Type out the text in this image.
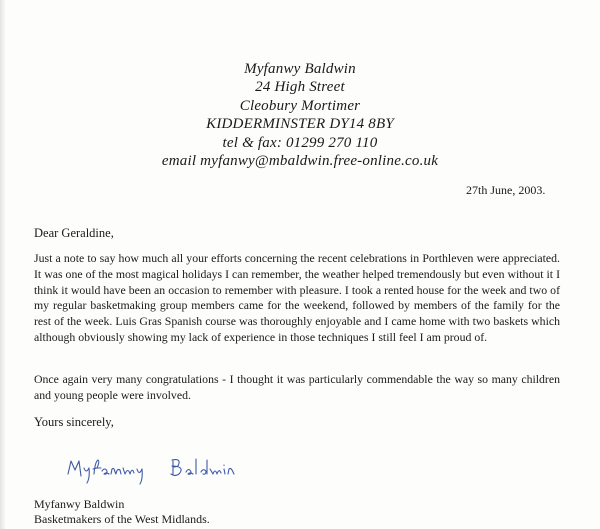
Myfanwy Baldwin
24 High Street
Cleobury Mortimer
KIDDERMINSTER DY14 8BY
tel & fax: 01299 270 110
email myfanwy@mbaldwin.free-online.co.uk
27th June, 2003.
Dear Geraldine,
Just a note to say how much all your efforts concerning the recent celebrations in Porthleven were appreciated. It was one of the most magical holidays I can remember, the weather helped tremendously but even without it I think it would have been an occasion to remember with pleasure. I took a rented house for the week and two of my regular basketmaking group members came for the weekend, followed by members of the family for the rest of the week. Luis Gras Spanish course was thoroughly enjoyable and I came home with two baskets which although obviously showing my lack of experience in those techniques I still feel I am proud of.
Once again very many congratulations - I thought it was particularly commendable the way so many children and young people were involved.
Yours sincerely,
Myfanwy Baldwin
Basketmakers of the West Midlands.
